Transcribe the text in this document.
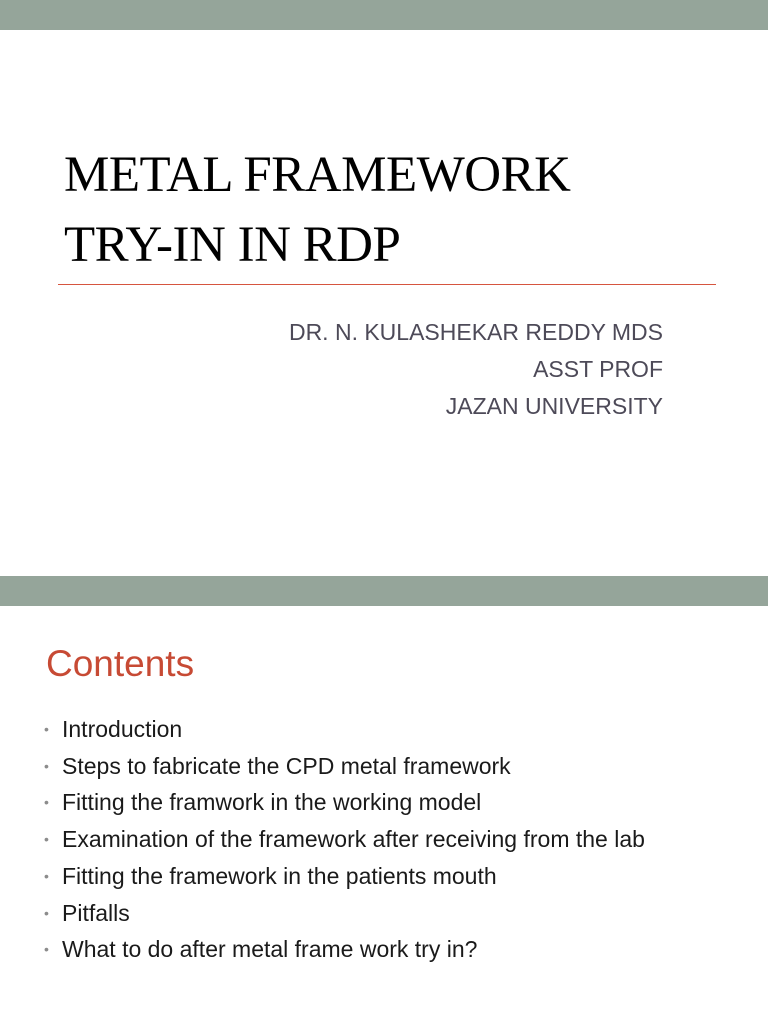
METAL FRAMEWORK
TRY-IN IN RDP
DR. N. KULASHEKAR REDDY MDS
ASST PROF
JAZAN UNIVERSITY
Contents
• Introduction
• Steps to fabricate the CPD metal framework
• Fitting the framwork in the working model
• Examination of the framework after receiving from the lab
• Fitting the framework in the patients mouth
• Pitfalls
• What to do after metal frame work try in?
